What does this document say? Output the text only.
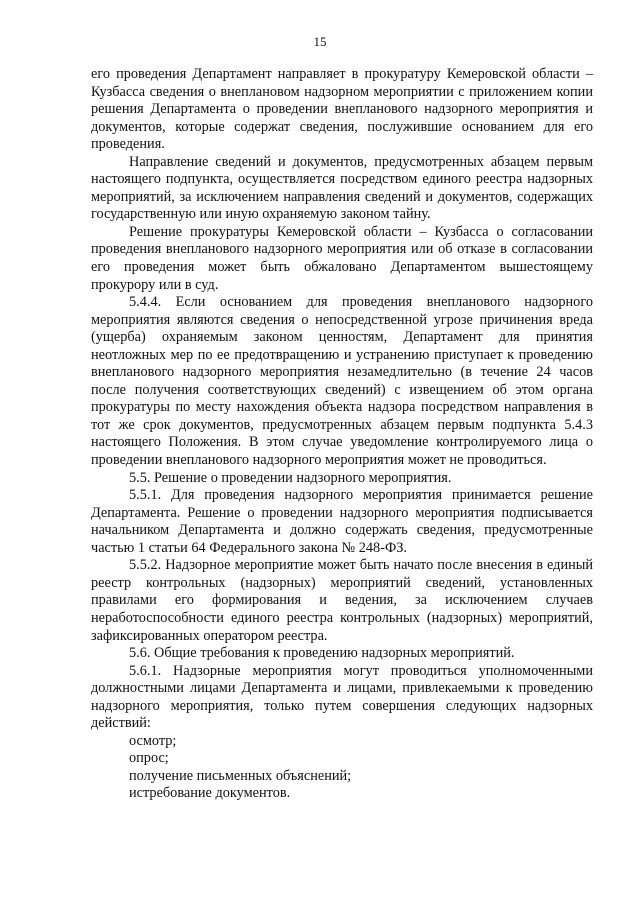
15

его проведения Департамент направляет в прокуратуру Кемеровской области – Кузбасса сведения о внеплановом надзорном мероприятии с приложением копии решения Департамента о проведении внепланового надзорного мероприятия и документов, которые содержат сведения, послужившие основанием для его проведения.

Направление сведений и документов, предусмотренных абзацем первым настоящего подпункта, осуществляется посредством единого реестра надзорных мероприятий, за исключением направления сведений и документов, содержащих государственную или иную охраняемую законом тайну.

Решение прокуратуры Кемеровской области – Кузбасса о согласовании проведения внепланового надзорного мероприятия или об отказе в согласовании его проведения может быть обжаловано Департаментом вышестоящему прокурору или в суд.

5.4.4. Если основанием для проведения внепланового надзорного мероприятия являются сведения о непосредственной угрозе причинения вреда (ущерба) охраняемым законом ценностям, Департамент для принятия неотложных мер по ее предотвращению и устранению приступает к проведению внепланового надзорного мероприятия незамедлительно (в течение 24 часов после получения соответствующих сведений) с извещением об этом органа прокуратуры по месту нахождения объекта надзора посредством направления в тот же срок документов, предусмотренных абзацем первым подпункта 5.4.3 настоящего Положения. В этом случае уведомление контролируемого лица о проведении внепланового надзорного мероприятия может не проводиться.

5.5. Решение о проведении надзорного мероприятия.

5.5.1. Для проведения надзорного мероприятия принимается решение Департамента. Решение о проведении надзорного мероприятия подписывается начальником Департамента и должно содержать сведения, предусмотренные частью 1 статьи 64 Федерального закона № 248-ФЗ.

5.5.2. Надзорное мероприятие может быть начато после внесения в единый реестр контрольных (надзорных) мероприятий сведений, установленных правилами его формирования и ведения, за исключением случаев неработоспособности единого реестра контрольных (надзорных) мероприятий, зафиксированных оператором реестра.

5.6. Общие требования к проведению надзорных мероприятий.

5.6.1. Надзорные мероприятия могут проводиться уполномоченными должностными лицами Департамента и лицами, привлекаемыми к проведению надзорного мероприятия, только путем совершения следующих надзорных действий:

осмотр;

опрос;

получение письменных объяснений;

истребование документов.
